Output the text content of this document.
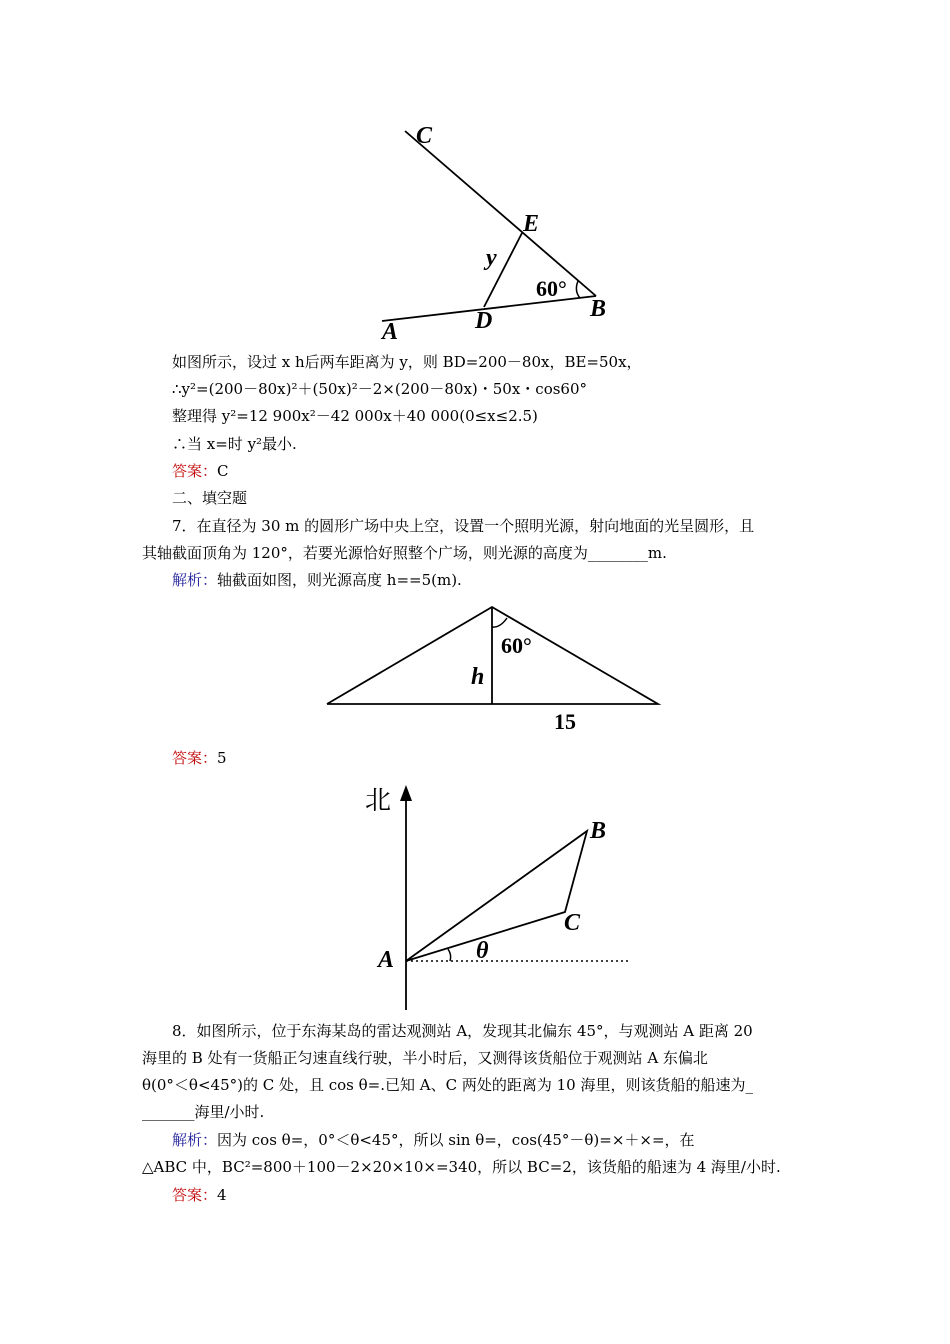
C
E
y
60°
B
A	D
如图所示，设过 x h后两车距离为 y，则 BD=200－80x，BE=50x，
∴y²=(200－80x)²＋(50x)²－2×(200－80x)・50x・cos60°
整理得 y²=12 900x²－42 000x＋40 000(0≤x≤2.5)
∴当 x=时 y²最小.
答案：C
二、填空题
7．在直径为 30 m 的圆形广场中央上空，设置一个照明光源，射向地面的光呈圆形，且
其轴截面顶角为 120°，若要光源恰好照整个广场，则光源的高度为________m.
解析：轴截面如图，则光源高度 h==5(m).
60°
h
15
答案：5
北
A
B
C
θ
8．如图所示，位于东海某岛的雷达观测站 A，发现其北偏东 45°，与观测站 A 距离 20
海里的 B 处有一货船正匀速直线行驶，半小时后，又测得该货船位于观测站 A 东偏北
θ(0°＜θ<45°)的 C 处，且 cos θ=.已知 A、C 两处的距离为 10 海里，则该货船的船速为_
_______海里/小时.
解析：因为 cos θ=，0°＜θ<45°，所以 sin θ=，cos(45°－θ)=×＋×=，在
△ABC 中，BC²=800＋100－2×20×10×=340，所以 BC=2，该货船的船速为 4 海里/小时.
答案：4
